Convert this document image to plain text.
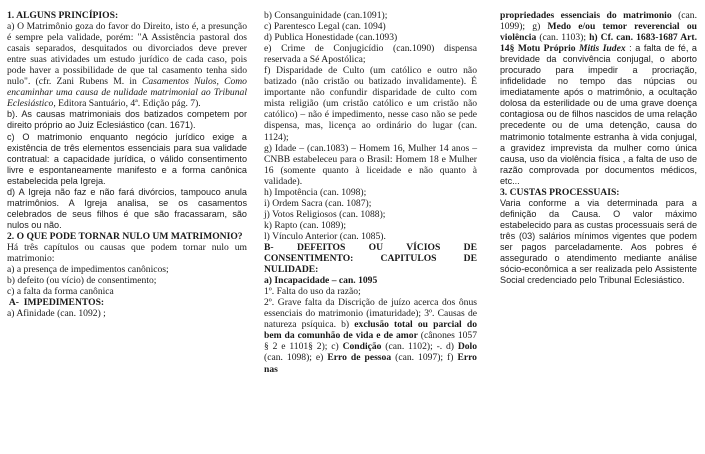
1. ALGUNS PRINCÍPIOS:

a) O Matrimônio goza do favor do Direito, isto é, a presunção é sempre pela validade, porém: "A Assistência pastoral dos casais separados, desquitados ou divorciados deve prever entre suas atividades um estudo jurídico de cada caso, pois pode haver a possibilidade de que tal casamento tenha sido nulo". (cfr. Zani Rubens M. in Casamentos Nulos, Como encaminhar uma causa de nulidade matrimonial ao Tribunal Eclesiástico, Editora Santuário, 4ª. Edição pág. 7).

b). As causas matrimoniais dos batizados competem por direito próprio ao Juiz Eclesiástico (can. 1671).

c) O matrimonio enquanto negócio jurídico exige a existência de três elementos essenciais para sua validade contratual: a capacidade jurídica, o válido consentimento livre e espontaneamente manifesto e a forma canônica estabelecida pela Igreja.

d) A Igreja não faz e não fará divórcios, tampouco anula matrimônios. A Igreja analisa, se os casamentos celebrados de seus filhos é que são fracassaram, são nulos ou não.

2. O QUE PODE TORNAR NULO UM MATRIMONIO?

Há três capítulos ou causas que podem tornar nulo um matrimonio:

a) a presença de impedimentos canônicos;

b) defeito (ou vício) de consentimento;

c) a falta da forma canônica

A-  IMPEDIMENTOS:

a) Afinidade (can. 1092) ;

b) Consanguinidade (can.1091);

c) Parentesco Legal (can. 1094)

d) Publica Honestidade (can.1093)

e) Crime de Conjugicídio (can.1090) dispensa reservada a Sé Apostólica;

f) Disparidade de Culto (um católico e outro não batizado (não cristão ou batizado invalidamente). É importante não confundir disparidade de culto com mista religião (um cristão católico e um cristão não católico) – não é impedimento, nesse caso não se pede dispensa, mas, licença ao ordinário do lugar (can. 1124);

g) Idade – (can.1083) – Homem 16, Mulher 14 anos – CNBB estabeleceu para o Brasil: Homem 18 e Mulher 16 (somente quanto à liceidade e não quanto à validade).

h) Impotência (can. 1098);

i) Ordem Sacra (can. 1087);

j) Votos Religiosos (can. 1088);

k) Rapto (can. 1089);

l) Vínculo Anterior (can. 1085).

B- DEFEITOS OU VÍCIOS DE CONSENTIMENTO: CAPITULOS DE NULIDADE:

a) Incapacidade – can. 1095

1º. Falta do uso da razão;

2º. Grave falta da Discrição de juízo acerca dos ônus essenciais do matrimonio (imaturidade); 3º. Causas de natureza psíquica. b) exclusão total ou parcial do bem da comunhão de vida e de amor (cânones 1057 § 2 e 1101§ 2); c) Condição (can. 1102); -. d) Dolo (can. 1098); e) Erro de pessoa (can. 1097); f) Erro nas

propriedades essenciais do matrimonio (can. 1099); g) Medo e/ou temor reverencial ou violência (can. 1103); h) Cf. can. 1683-1687 Art. 14§ Motu Próprio Mitis Iudex : a falta de fé, a brevidade da convivência conjugal, o aborto procurado para impedir a procriação, infidelidade no tempo das núpcias ou imediatamente após o matrimônio, a ocultação dolosa da esterilidade ou de uma grave doença contagiosa ou de filhos nascidos de uma relação precedente ou de uma detenção, causa do matrimonio totalmente estranha à vida conjugal, a gravidez imprevista da mulher como única causa, uso da violência física , a falta de uso de razão comprovada por documentos médicos, etc...

3. CUSTAS PROCESSUAIS:

Varia conforme a via determinada para a definição da Causa. O valor máximo estabelecido para as custas processuais será de três (03) salários mínimos vigentes que podem ser pagos parceladamente. Aos pobres é assegurado o atendimento mediante análise sócio-econômica a ser realizada pelo Assistente Social credenciado pelo Tribunal Eclesiástico.
